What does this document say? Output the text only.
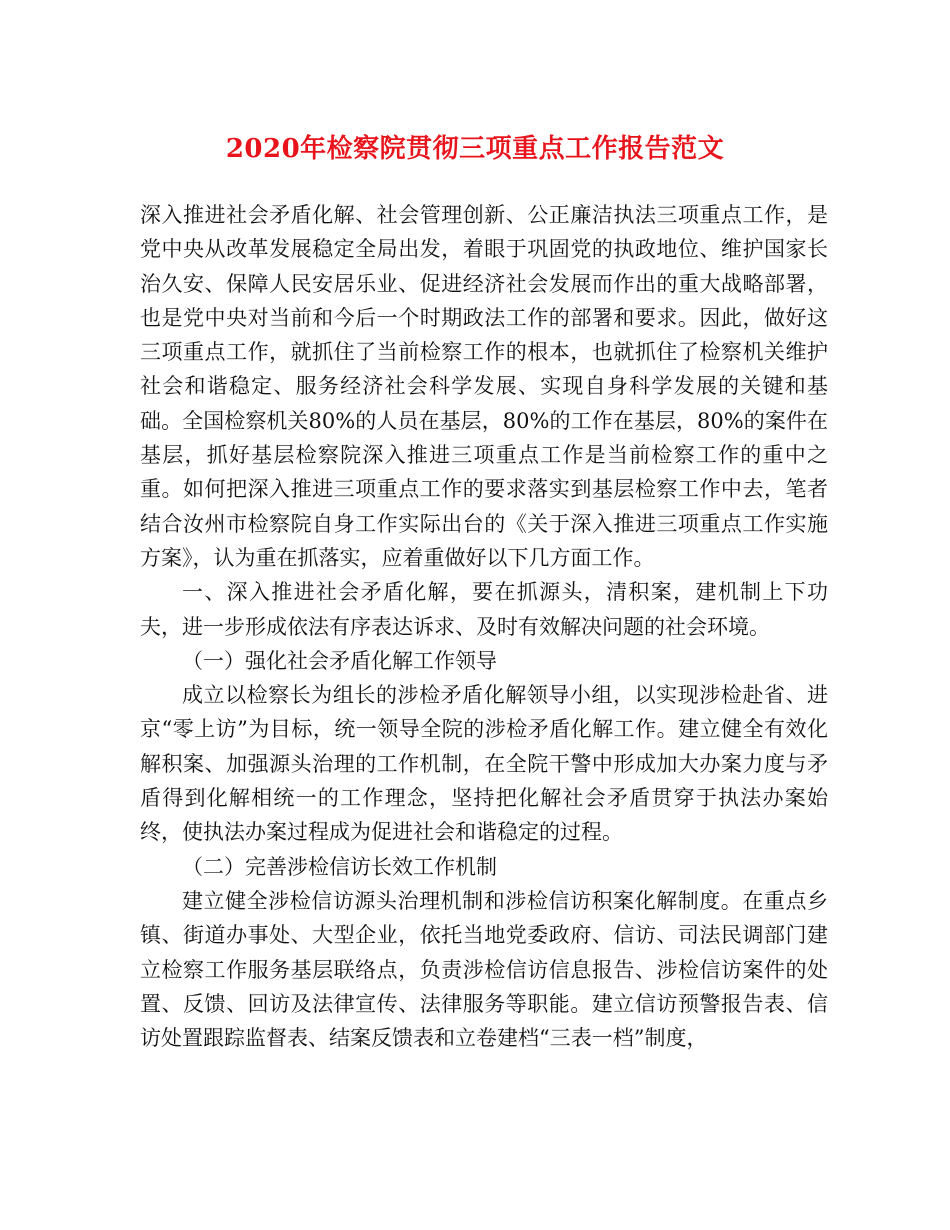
2020年检察院贯彻三项重点工作报告范文

深入推进社会矛盾化解、社会管理创新、公正廉洁执法三项重点工作，是党中央从改革发展稳定全局出发，着眼于巩固党的执政地位、维护国家长治久安、保障人民安居乐业、促进经济社会发展而作出的重大战略部署，也是党中央对当前和今后一个时期政法工作的部署和要求。因此，做好这三项重点工作，就抓住了当前检察工作的根本，也就抓住了检察机关维护社会和谐稳定、服务经济社会科学发展、实现自身科学发展的关键和基础。全国检察机关80%的人员在基层，80%的工作在基层，80%的案件在基层，抓好基层检察院深入推进三项重点工作是当前检察工作的重中之重。如何把深入推进三项重点工作的要求落实到基层检察工作中去，笔者结合汝州市检察院自身工作实际出台的《关于深入推进三项重点工作实施方案》，认为重在抓落实，应着重做好以下几方面工作。

一、深入推进社会矛盾化解，要在抓源头，清积案，建机制上下功夫，进一步形成依法有序表达诉求、及时有效解决问题的社会环境。

（一）强化社会矛盾化解工作领导

成立以检察长为组长的涉检矛盾化解领导小组，以实现涉检赴省、进京“零上访”为目标，统一领导全院的涉检矛盾化解工作。建立健全有效化解积案、加强源头治理的工作机制，在全院干警中形成加大办案力度与矛盾得到化解相统一的工作理念，坚持把化解社会矛盾贯穿于执法办案始终，使执法办案过程成为促进社会和谐稳定的过程。

（二）完善涉检信访长效工作机制

建立健全涉检信访源头治理机制和涉检信访积案化解制度。在重点乡镇、街道办事处、大型企业，依托当地党委政府、信访、司法民调部门建立检察工作服务基层联络点，负责涉检信访信息报告、涉检信访案件的处置、反馈、回访及法律宣传、法律服务等职能。建立信访预警报告表、信访处置跟踪监督表、结案反馈表和立卷建档“三表一档”制度，
